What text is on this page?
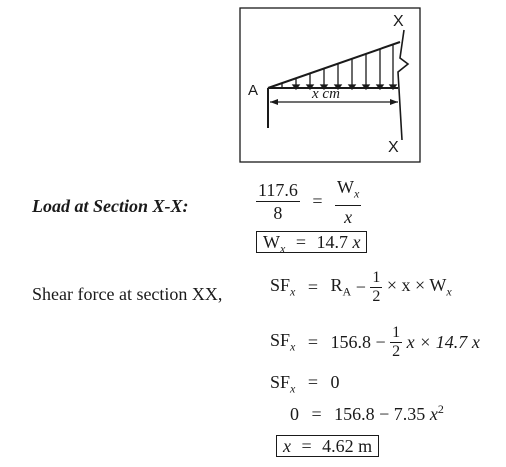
A
X
X
x cm
Load at Section X-X:	$\frac{117.6}{8} = \frac{W_x}{x}$
$W_x = 14.7$ x
Shear force at section XX,	$SF_x = R_A - \frac{1}{2} \times x \times W_x$
$SF_x = 156.8 - \frac{1}{2}$ x × 14.7 x
$SF_x = 0$
0 = 156.8 − 7.35 $x^2$
x = 4.62 m
